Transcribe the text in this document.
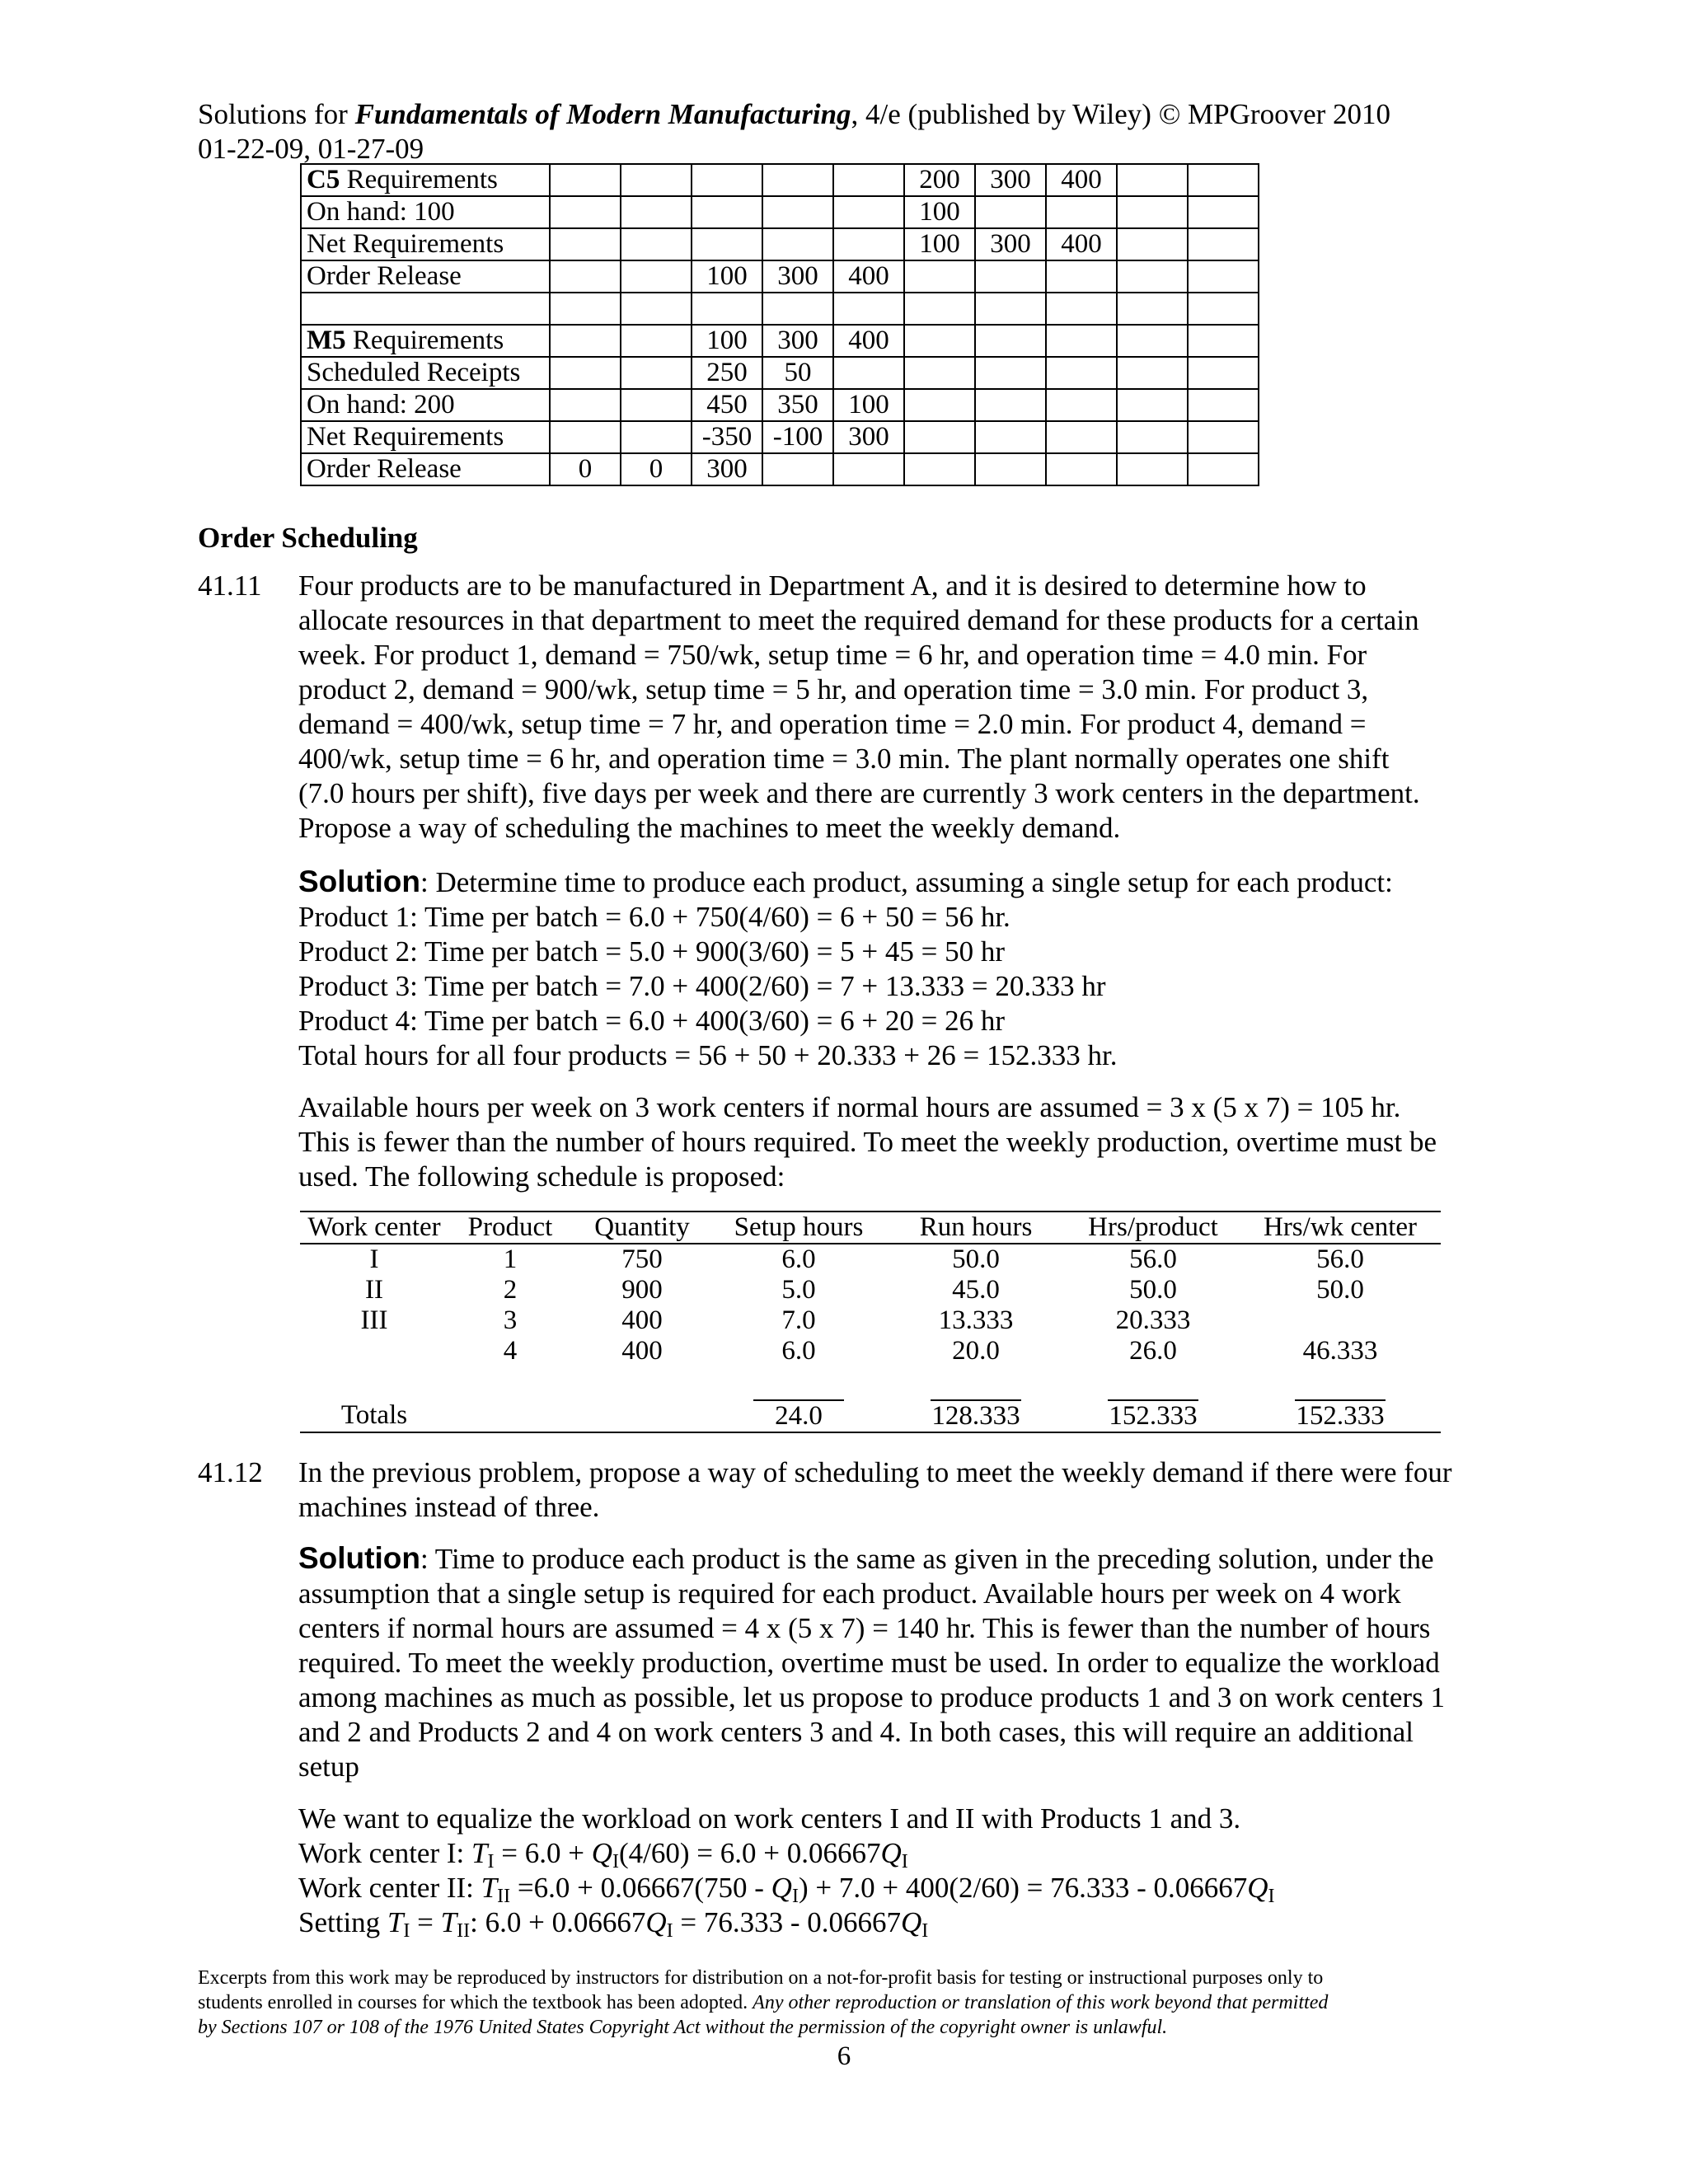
Solutions for Fundamentals of Modern Manufacturing, 4/e (published by Wiley) © MPGroover 2010
01-22-09, 01-27-09
C5 Requirements						200	300	400		
On hand: 100						100				
Net Requirements						100	300	400		
Order Release			100	300	400					

M5 Requirements			100	300	400					
Scheduled Receipts			250	50						
On hand: 200			450	350	100					
Net Requirements			-350	-100	300					
Order Release	0	0	300							
Order Scheduling
41.11 Four products are to be manufactured in Department A, and it is desired to determine how to
allocate resources in that department to meet the required demand for these products for a certain
week. For product 1, demand = 750/wk, setup time = 6 hr, and operation time = 4.0 min. For
product 2, demand = 900/wk, setup time = 5 hr, and operation time = 3.0 min. For product 3,
demand = 400/wk, setup time = 7 hr, and operation time = 2.0 min. For product 4, demand =
400/wk, setup time = 6 hr, and operation time = 3.0 min. The plant normally operates one shift
(7.0 hours per shift), five days per week and there are currently 3 work centers in the department.
Propose a way of scheduling the machines to meet the weekly demand.
Solution: Determine time to produce each product, assuming a single setup for each product:
Product 1: Time per batch = 6.0 + 750(4/60) = 6 + 50 = 56 hr.
Product 2: Time per batch = 5.0 + 900(3/60) = 5 + 45 = 50 hr
Product 3: Time per batch = 7.0 + 400(2/60) = 7 + 13.333 = 20.333 hr
Product 4: Time per batch = 6.0 + 400(3/60) = 6 + 20 = 26 hr
Total hours for all four products = 56 + 50 + 20.333 + 26 = 152.333 hr.
Available hours per week on 3 work centers if normal hours are assumed = 3 x (5 x 7) = 105 hr.
This is fewer than the number of hours required. To meet the weekly production, overtime must be
used. The following schedule is proposed:
Work center	Product	Quantity	Setup hours	Run hours	Hrs/product	Hrs/wk center
I	1	750	6.0	50.0	56.0	56.0
II	2	900	5.0	45.0	50.0	50.0
III	3	400	7.0	13.333	20.333	
	4	400	6.0	20.0	26.0	46.333

Totals			24.0	128.333	152.333	152.333
41.12 In the previous problem, propose a way of scheduling to meet the weekly demand if there were four
machines instead of three.
Solution: Time to produce each product is the same as given in the preceding solution, under the
assumption that a single setup is required for each product. Available hours per week on 4 work
centers if normal hours are assumed = 4 x (5 x 7) = 140 hr. This is fewer than the number of hours
required. To meet the weekly production, overtime must be used. In order to equalize the workload
among machines as much as possible, let us propose to produce products 1 and 3 on work centers 1
and 2 and Products 2 and 4 on work centers 3 and 4. In both cases, this will require an additional
setup
We want to equalize the workload on work centers I and II with Products 1 and 3.
Work center I: $T_I = 6.0 + Q_I(4/60) = 6.0 + 0.06667Q_I$
Work center II: $T_{II} =6.0 + 0.06667(750 - Q_I) + 7.0 + 400(2/60) = 76.333 - 0.06667Q_I$
Setting $T_I = T_{II}$: $6.0 + 0.06667Q_I = 76.333 - 0.06667Q_I$
Excerpts from this work may be reproduced by instructors for distribution on a not-for-profit basis for testing or instructional purposes only to
students enrolled in courses for which the textbook has been adopted. Any other reproduction or translation of this work beyond that permitted
by Sections 107 or 108 of the 1976 United States Copyright Act without the permission of the copyright owner is unlawful.
6
